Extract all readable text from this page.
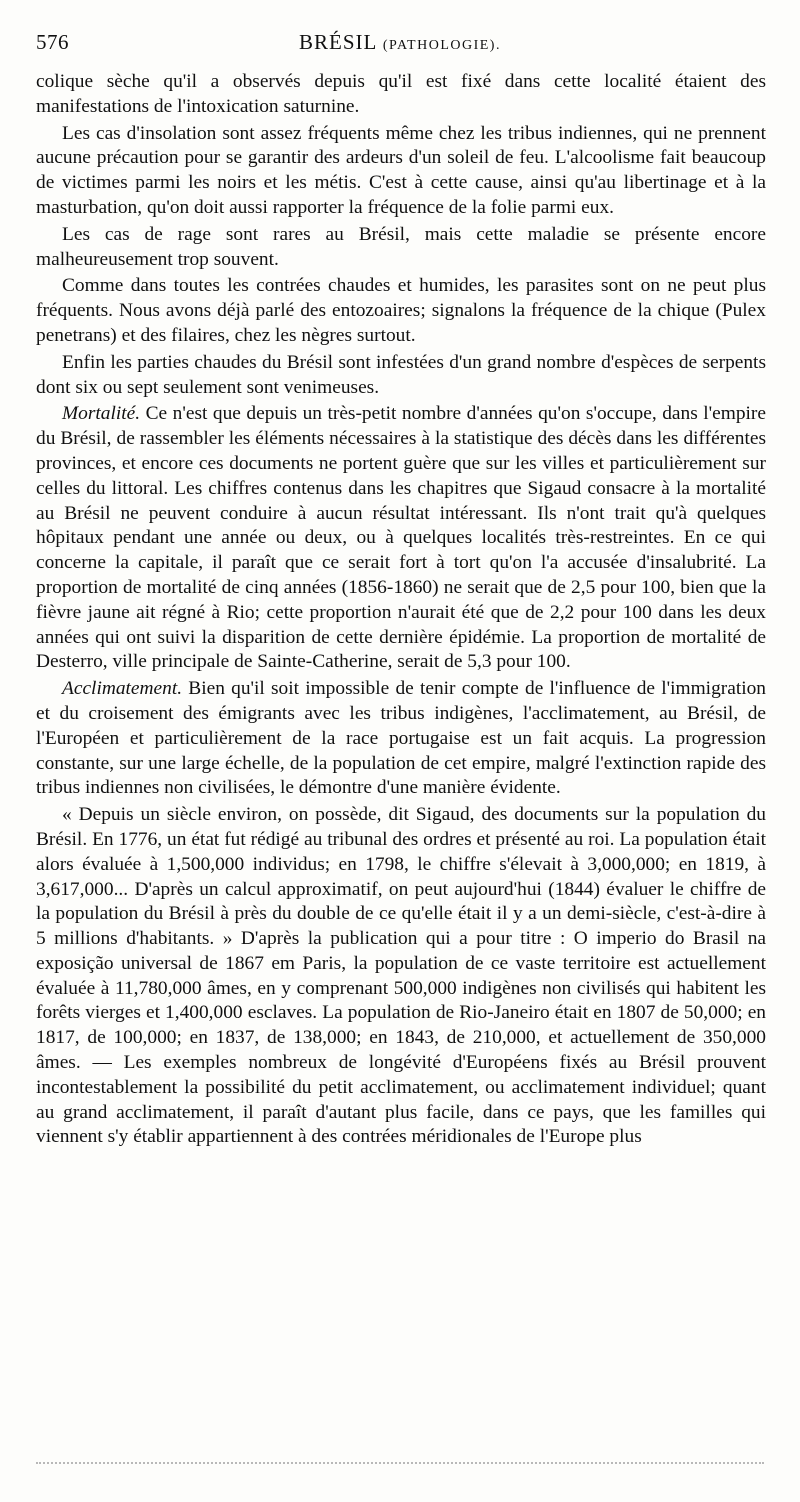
576	BRÉSIL (PATHOLOGIE).

colique sèche qu'il a observés depuis qu'il est fixé dans cette localité étaient des manifestations de l'intoxication saturnine.

Les cas d'insolation sont assez fréquents même chez les tribus indiennes, qui ne prennent aucune précaution pour se garantir des ardeurs d'un soleil de feu. L'alcoolisme fait beaucoup de victimes parmi les noirs et les métis. C'est à cette cause, ainsi qu'au libertinage et à la masturbation, qu'on doit aussi rapporter la fréquence de la folie parmi eux.

Les cas de rage sont rares au Brésil, mais cette maladie se présente encore malheureusement trop souvent.

Comme dans toutes les contrées chaudes et humides, les parasites sont on ne peut plus fréquents. Nous avons déjà parlé des entozoaires; signalons la fréquence de la chique (Pulex penetrans) et des filaires, chez les nègres surtout.

Enfin les parties chaudes du Brésil sont infestées d'un grand nombre d'espèces de serpents dont six ou sept seulement sont venimeuses.

Mortalité. Ce n'est que depuis un très-petit nombre d'années qu'on s'occupe, dans l'empire du Brésil, de rassembler les éléments nécessaires à la statistique des décès dans les différentes provinces, et encore ces documents ne portent guère que sur les villes et particulièrement sur celles du littoral. Les chiffres contenus dans les chapitres que Sigaud consacre à la mortalité au Brésil ne peuvent conduire à aucun résultat intéressant. Ils n'ont trait qu'à quelques hôpitaux pendant une année ou deux, ou à quelques localités très-restreintes. En ce qui concerne la capitale, il paraît que ce serait fort à tort qu'on l'a accusée d'insalubrité. La proportion de mortalité de cinq années (1856-1860) ne serait que de 2,5 pour 100, bien que la fièvre jaune ait régné à Rio; cette proportion n'aurait été que de 2,2 pour 100 dans les deux années qui ont suivi la disparition de cette dernière épidémie. La proportion de mortalité de Desterro, ville principale de Sainte-Catherine, serait de 5,3 pour 100.

Acclimatement. Bien qu'il soit impossible de tenir compte de l'influence de l'immigration et du croisement des émigrants avec les tribus indigènes, l'acclimatement, au Brésil, de l'Européen et particulièrement de la race portugaise est un fait acquis. La progression constante, sur une large échelle, de la population de cet empire, malgré l'extinction rapide des tribus indiennes non civilisées, le démontre d'une manière évidente.

« Depuis un siècle environ, on possède, dit Sigaud, des documents sur la population du Brésil. En 1776, un état fut rédigé au tribunal des ordres et présenté au roi. La population était alors évaluée à 1,500,000 individus; en 1798, le chiffre s'élevait à 3,000,000; en 1819, à 3,617,000... D'après un calcul approximatif, on peut aujourd'hui (1844) évaluer le chiffre de la population du Brésil à près du double de ce qu'elle était il y a un demi-siècle, c'est-à-dire à 5 millions d'habitants. » D'après la publication qui a pour titre : O imperio do Brasil na exposição universal de 1867 em Paris, la population de ce vaste territoire est actuellement évaluée à 11,780,000 âmes, en y comprenant 500,000 indigènes non civilisés qui habitent les forêts vierges et 1,400,000 esclaves. La population de Rio-Janeiro était en 1807 de 50,000; en 1817, de 100,000; en 1837, de 138,000; en 1843, de 210,000, et actuellement de 350,000 âmes. — Les exemples nombreux de longévité d'Européens fixés au Brésil prouvent incontestablement la possibilité du petit acclimatement, ou acclimatement individuel; quant au grand acclimatement, il paraît d'autant plus facile, dans ce pays, que les familles qui viennent s'y établir appartiennent à des contrées méridionales de l'Europe plus
